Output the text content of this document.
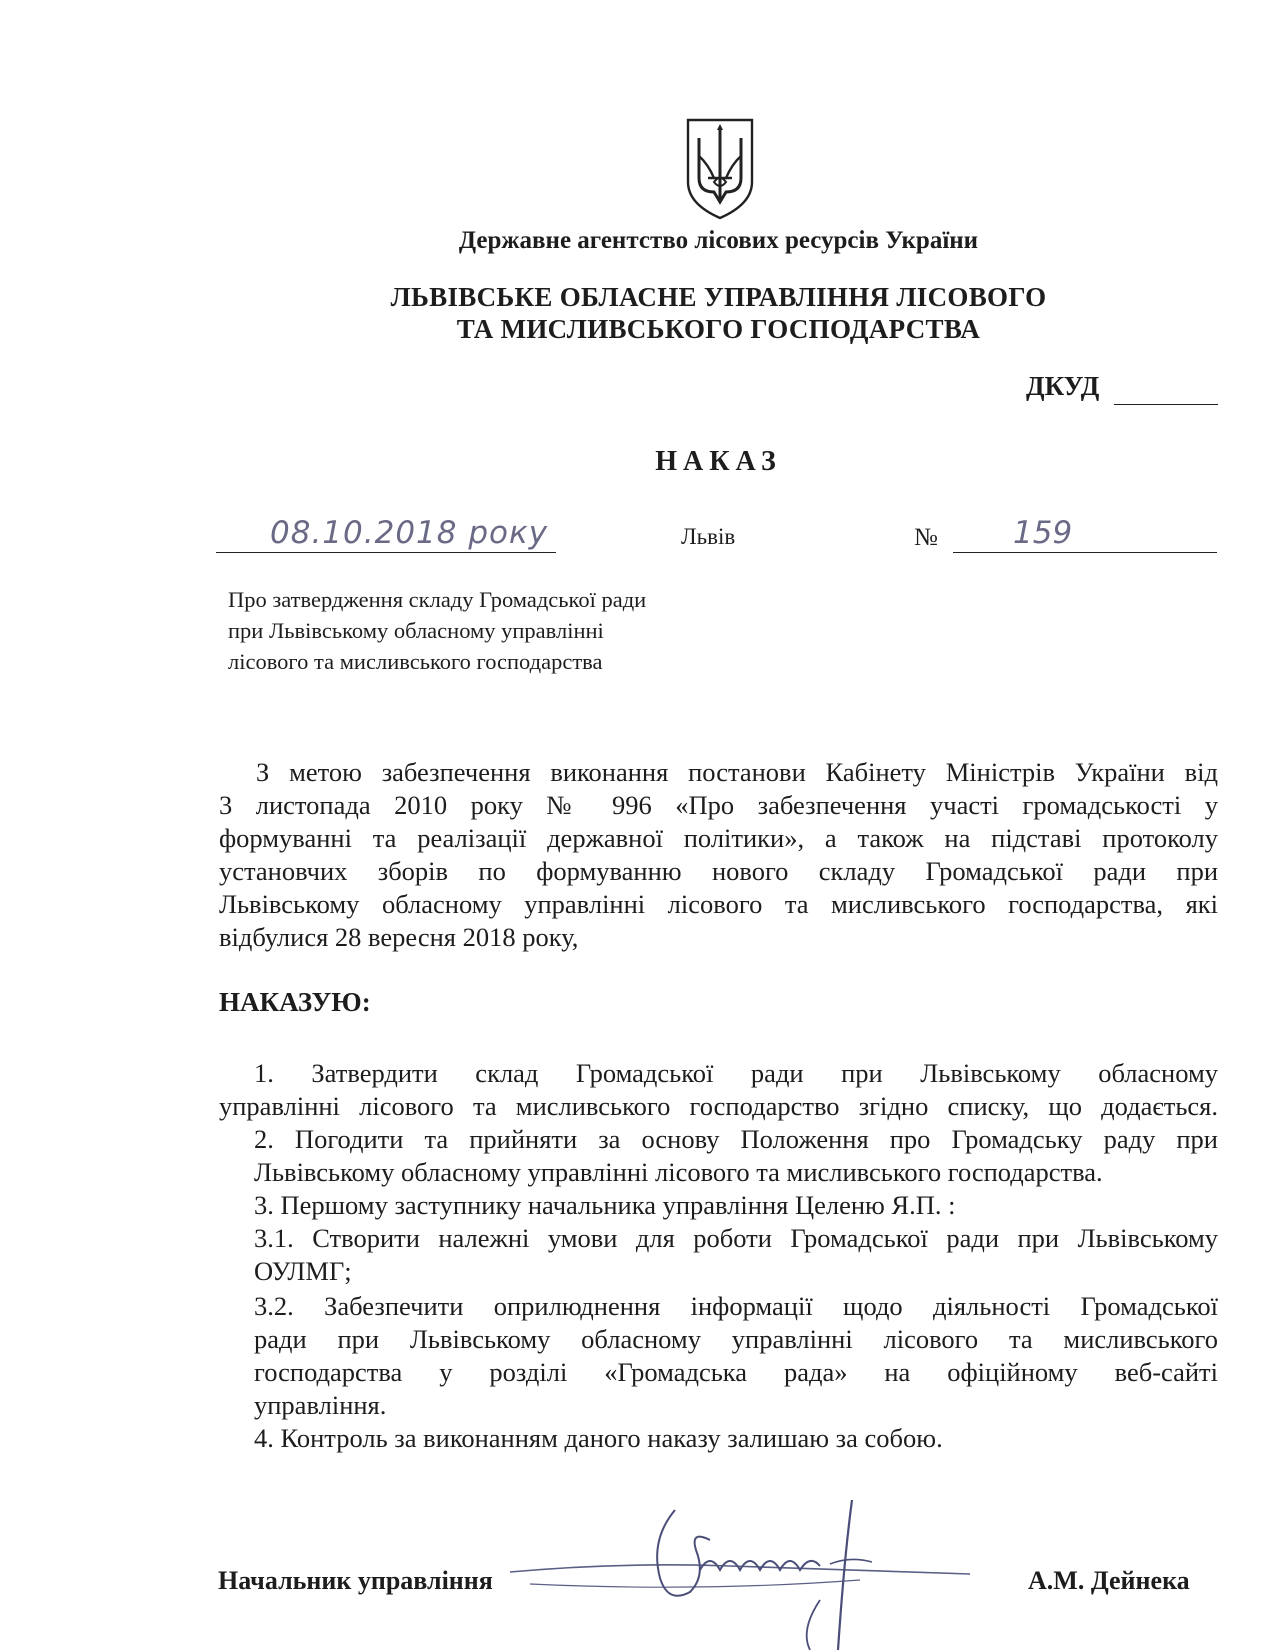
Державне агентство лісових ресурсів України
ЛЬВІВСЬКЕ ОБЛАСНЕ УПРАВЛІННЯ ЛІСОВОГО
ТА МИСЛИВСЬКОГО ГОСПОДАРСТВА
ДКУД
НАКАЗ
08.10.2018 року	Львів	№ 159
Про затвердження складу Громадської ради
при Львівському обласному управлінні
лісового та мисливського господарства
З метою забезпечення виконання постанови Кабінету Міністрів України від
3 листопада 2010 року № 996 «Про забезпечення участі громадськості у
формуванні та реалізації державної політики», а також на підставі протоколу
установчих зборів по формуванню нового складу Громадської ради при
Львівському обласному управлінні лісового та мисливського господарства, які
відбулися 28 вересня 2018 року,
НАКАЗУЮ:
1. Затвердити склад Громадської ради при Львівському обласному
управлінні лісового та мисливського господарство згідно списку, що додається.
2. Погодити та прийняти за основу Положення про Громадську раду при
Львівському обласному управлінні лісового та мисливського господарства.
3. Першому заступнику начальника управління Целеню Я.П. :
3.1. Створити належні умови для роботи Громадської ради при Львівському
ОУЛМГ;
3.2. Забезпечити оприлюднення інформації щодо діяльності Громадської
ради при Львівському обласному управлінні лісового та мисливського
господарства у розділі «Громадська рада» на офіційному веб-сайті
управління.
4. Контроль за виконанням даного наказу залишаю за собою.
Начальник управління	А.М. Дейнека
